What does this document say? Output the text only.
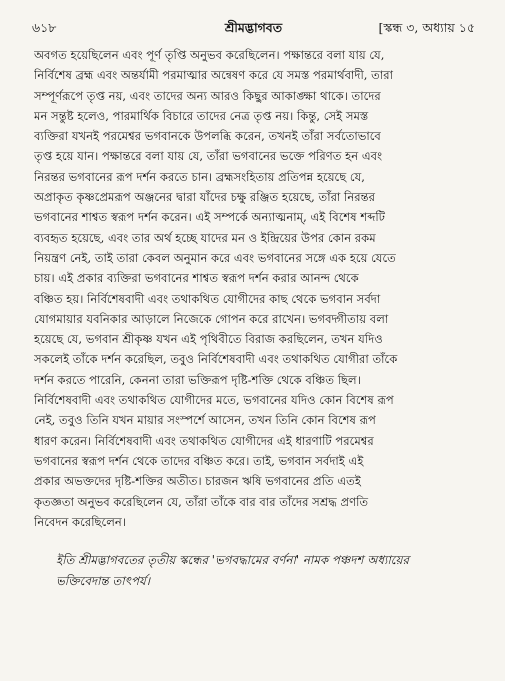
৬১৮	শ্রীমদ্ভাগবত	[স্কন্ধ ৩, অধ্যায় ১৫
অবগত হয়েছিলেন এবং পূর্ণ তৃপ্তি অনুভব করেছিলেন। পক্ষান্তরে বলা যায় যে,
নির্বিশেষ ব্রহ্ম এবং অন্তর্যামী পরমাত্মার অন্বেষণ করে যে সমস্ত পরমার্থবাদী, তারা
সম্পূর্ণরূপে তৃপ্ত নয়, এবং তাদের অন্য আরও কিছুর আকাঙ্ক্ষা থাকে। তাদের
মন সন্তুষ্ট হলেও, পারমার্থিক বিচারে তাদের নেত্র তৃপ্ত নয়। কিন্তু, সেই সমস্ত
ব্যক্তিরা যখনই পরমেশ্বর ভগবানকে উপলব্ধি করেন, তখনই তাঁরা সর্বতোভাবে
তৃপ্ত হয়ে যান। পক্ষান্তরে বলা যায় যে, তাঁরা ভগবানের ভক্তে পরিণত হন এবং
নিরন্তর ভগবানের রূপ দর্শন করতে চান। ব্রহ্মসংহিতায় প্রতিপন্ন হয়েছে যে,
অপ্রাকৃত কৃষ্ণপ্রেমরূপ অঞ্জনের দ্বারা যাঁদের চক্ষু রঞ্জিত হয়েছে, তাঁরা নিরন্তর
ভগবানের শাশ্বত স্বরূপ দর্শন করেন। এই সম্পর্কে অন্যাত্মনাম্, এই বিশেষ শব্দটি
ব্যবহৃত হয়েছে, এবং তার অর্থ হচ্ছে যাদের মন ও ইন্দ্রিয়ের উপর কোন রকম
নিয়ন্ত্রণ নেই, তাই তারা কেবল অনুমান করে এবং ভগবানের সঙ্গে এক হয়ে যেতে
চায়। এই প্রকার ব্যক্তিরা ভগবানের শাশ্বত স্বরূপ দর্শন করার আনন্দ থেকে
বঞ্চিত হয়। নির্বিশেষবাদী এবং তথাকথিত যোগীদের কাছ থেকে ভগবান সর্বদা
যোগমায়ার যবনিকার আড়ালে নিজেকে গোপন করে রাখেন। ভগবদ্গীতায় বলা
হয়েছে যে, ভগবান শ্রীকৃষ্ণ যখন এই পৃথিবীতে বিরাজ করছিলেন, তখন যদিও
সকলেই তাঁকে দর্শন করেছিল, তবুও নির্বিশেষবাদী এবং তথাকথিত যোগীরা তাঁকে
দর্শন করতে পারেনি, কেননা তারা ভক্তিরূপ দৃষ্টি-শক্তি থেকে বঞ্চিত ছিল।
নির্বিশেষবাদী এবং তথাকথিত যোগীদের মতে, ভগবানের যদিও কোন বিশেষ রূপ
নেই, তবুও তিনি যখন মায়ার সংস্পর্শে আসেন, তখন তিনি কোন বিশেষ রূপ
ধারণ করেন। নির্বিশেষবাদী এবং তথাকথিত যোগীদের এই ধারণাটি পরমেশ্বর
ভগবানের স্বরূপ দর্শন থেকে তাদের বঞ্চিত করে। তাই, ভগবান সর্বদাই এই
প্রকার অভক্তদের দৃষ্টি-শক্তির অতীত। চারজন ঋষি ভগবানের প্রতি এতই
কৃতজ্ঞতা অনুভব করেছিলেন যে, তাঁরা তাঁকে বার বার তাঁদের সশ্রদ্ধ প্রণতি
নিবেদন করেছিলেন।
ইতি শ্রীমদ্ভাগবতের তৃতীয় স্কন্ধের 'ভগবদ্ধামের বর্ণনা' নামক পঞ্চদশ অধ্যায়ের
ভক্তিবেদান্ত তাৎপর্য।
